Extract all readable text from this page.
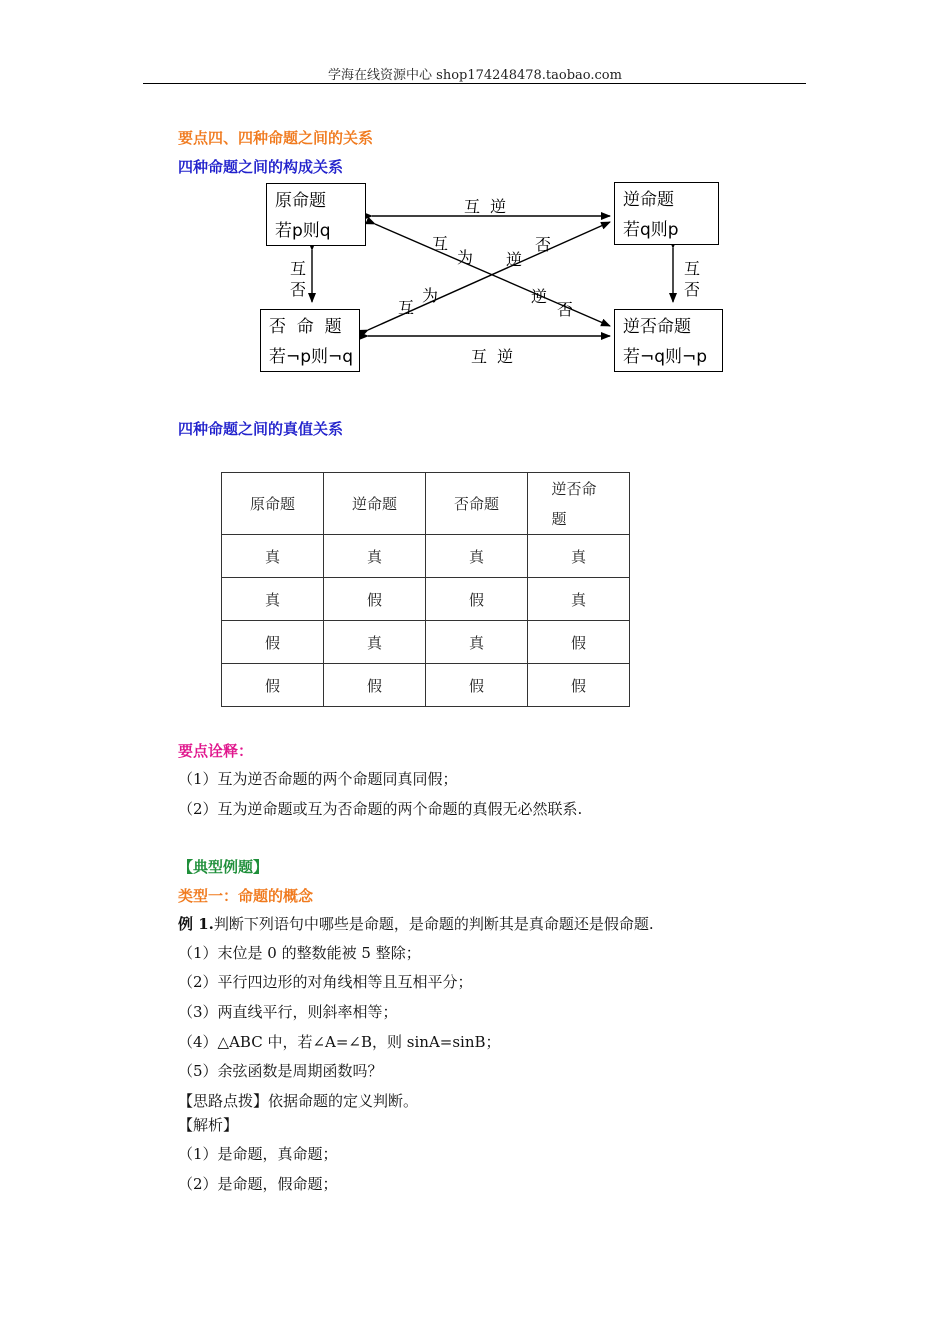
学海在线资源中心 shop174248478.taobao.com
要点四、四种命题之间的关系
四种命题之间的构成关系
原命题
若p则q
逆命题
若q则p
否  命  题
若¬p则¬q
逆否命题
若¬q则¬p
互  逆
互  逆
互
否
互
否
互
为 逆
否
互
为	逆
否
四种命题之间的真值关系
原命题	逆命题	否命题	逆否命题
真	真	真	真
真	假	假	真
假	真	真	假
假	假	假	假
要点诠释：
（1）互为逆否命题的两个命题同真同假；
（2）互为逆命题或互为否命题的两个命题的真假无必然联系.
【典型例题】
类型一：命题的概念
例 1.判断下列语句中哪些是命题，是命题的判断其是真命题还是假命题.
（1）末位是 0 的整数能被 5 整除；
（2）平行四边形的对角线相等且互相平分；
（3）两直线平行，则斜率相等；
（4）△ABC 中，若∠A=∠B，则 sinA=sinB；
（5）余弦函数是周期函数吗？
【思路点拨】依据命题的定义判断。
【解析】
（1）是命题，真命题；
（2）是命题，假命题；
